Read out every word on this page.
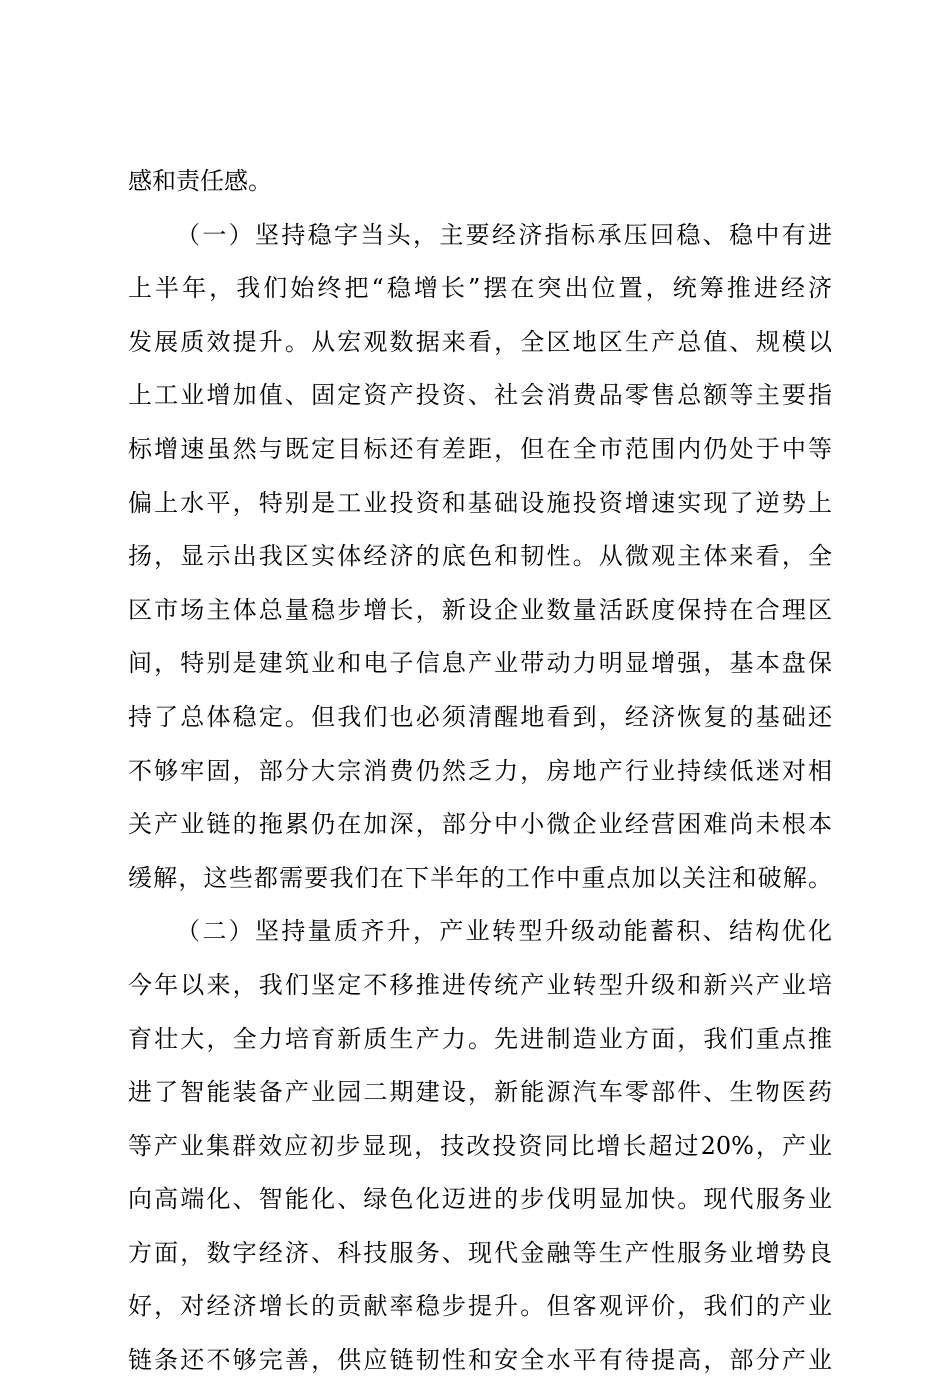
感和责任感。
（一）坚持稳字当头，主要经济指标承压回稳、稳中有进
上半年，我们始终把“稳增长”摆在突出位置，统筹推进经济
发展质效提升。从宏观数据来看，全区地区生产总值、规模以
上工业增加值、固定资产投资、社会消费品零售总额等主要指
标增速虽然与既定目标还有差距，但在全市范围内仍处于中等
偏上水平，特别是工业投资和基础设施投资增速实现了逆势上
扬，显示出我区实体经济的底色和韧性。从微观主体来看，全
区市场主体总量稳步增长，新设企业数量活跃度保持在合理区
间，特别是建筑业和电子信息产业带动力明显增强，基本盘保
持了总体稳定。但我们也必须清醒地看到，经济恢复的基础还
不够牢固，部分大宗消费仍然乏力，房地产行业持续低迷对相
关产业链的拖累仍在加深，部分中小微企业经营困难尚未根本
缓解，这些都需要我们在下半年的工作中重点加以关注和破解。
（二）坚持量质齐升，产业转型升级动能蓄积、结构优化
今年以来，我们坚定不移推进传统产业转型升级和新兴产业培
育壮大，全力培育新质生产力。先进制造业方面，我们重点推
进了智能装备产业园二期建设，新能源汽车零部件、生物医药
等产业集群效应初步显现，技改投资同比增长超过20%，产业
向高端化、智能化、绿色化迈进的步伐明显加快。现代服务业
方面，数字经济、科技服务、现代金融等生产性服务业增势良
好，对经济增长的贡献率稳步提升。但客观评价，我们的产业
链条还不够完善，供应链韧性和安全水平有待提高，部分产业
